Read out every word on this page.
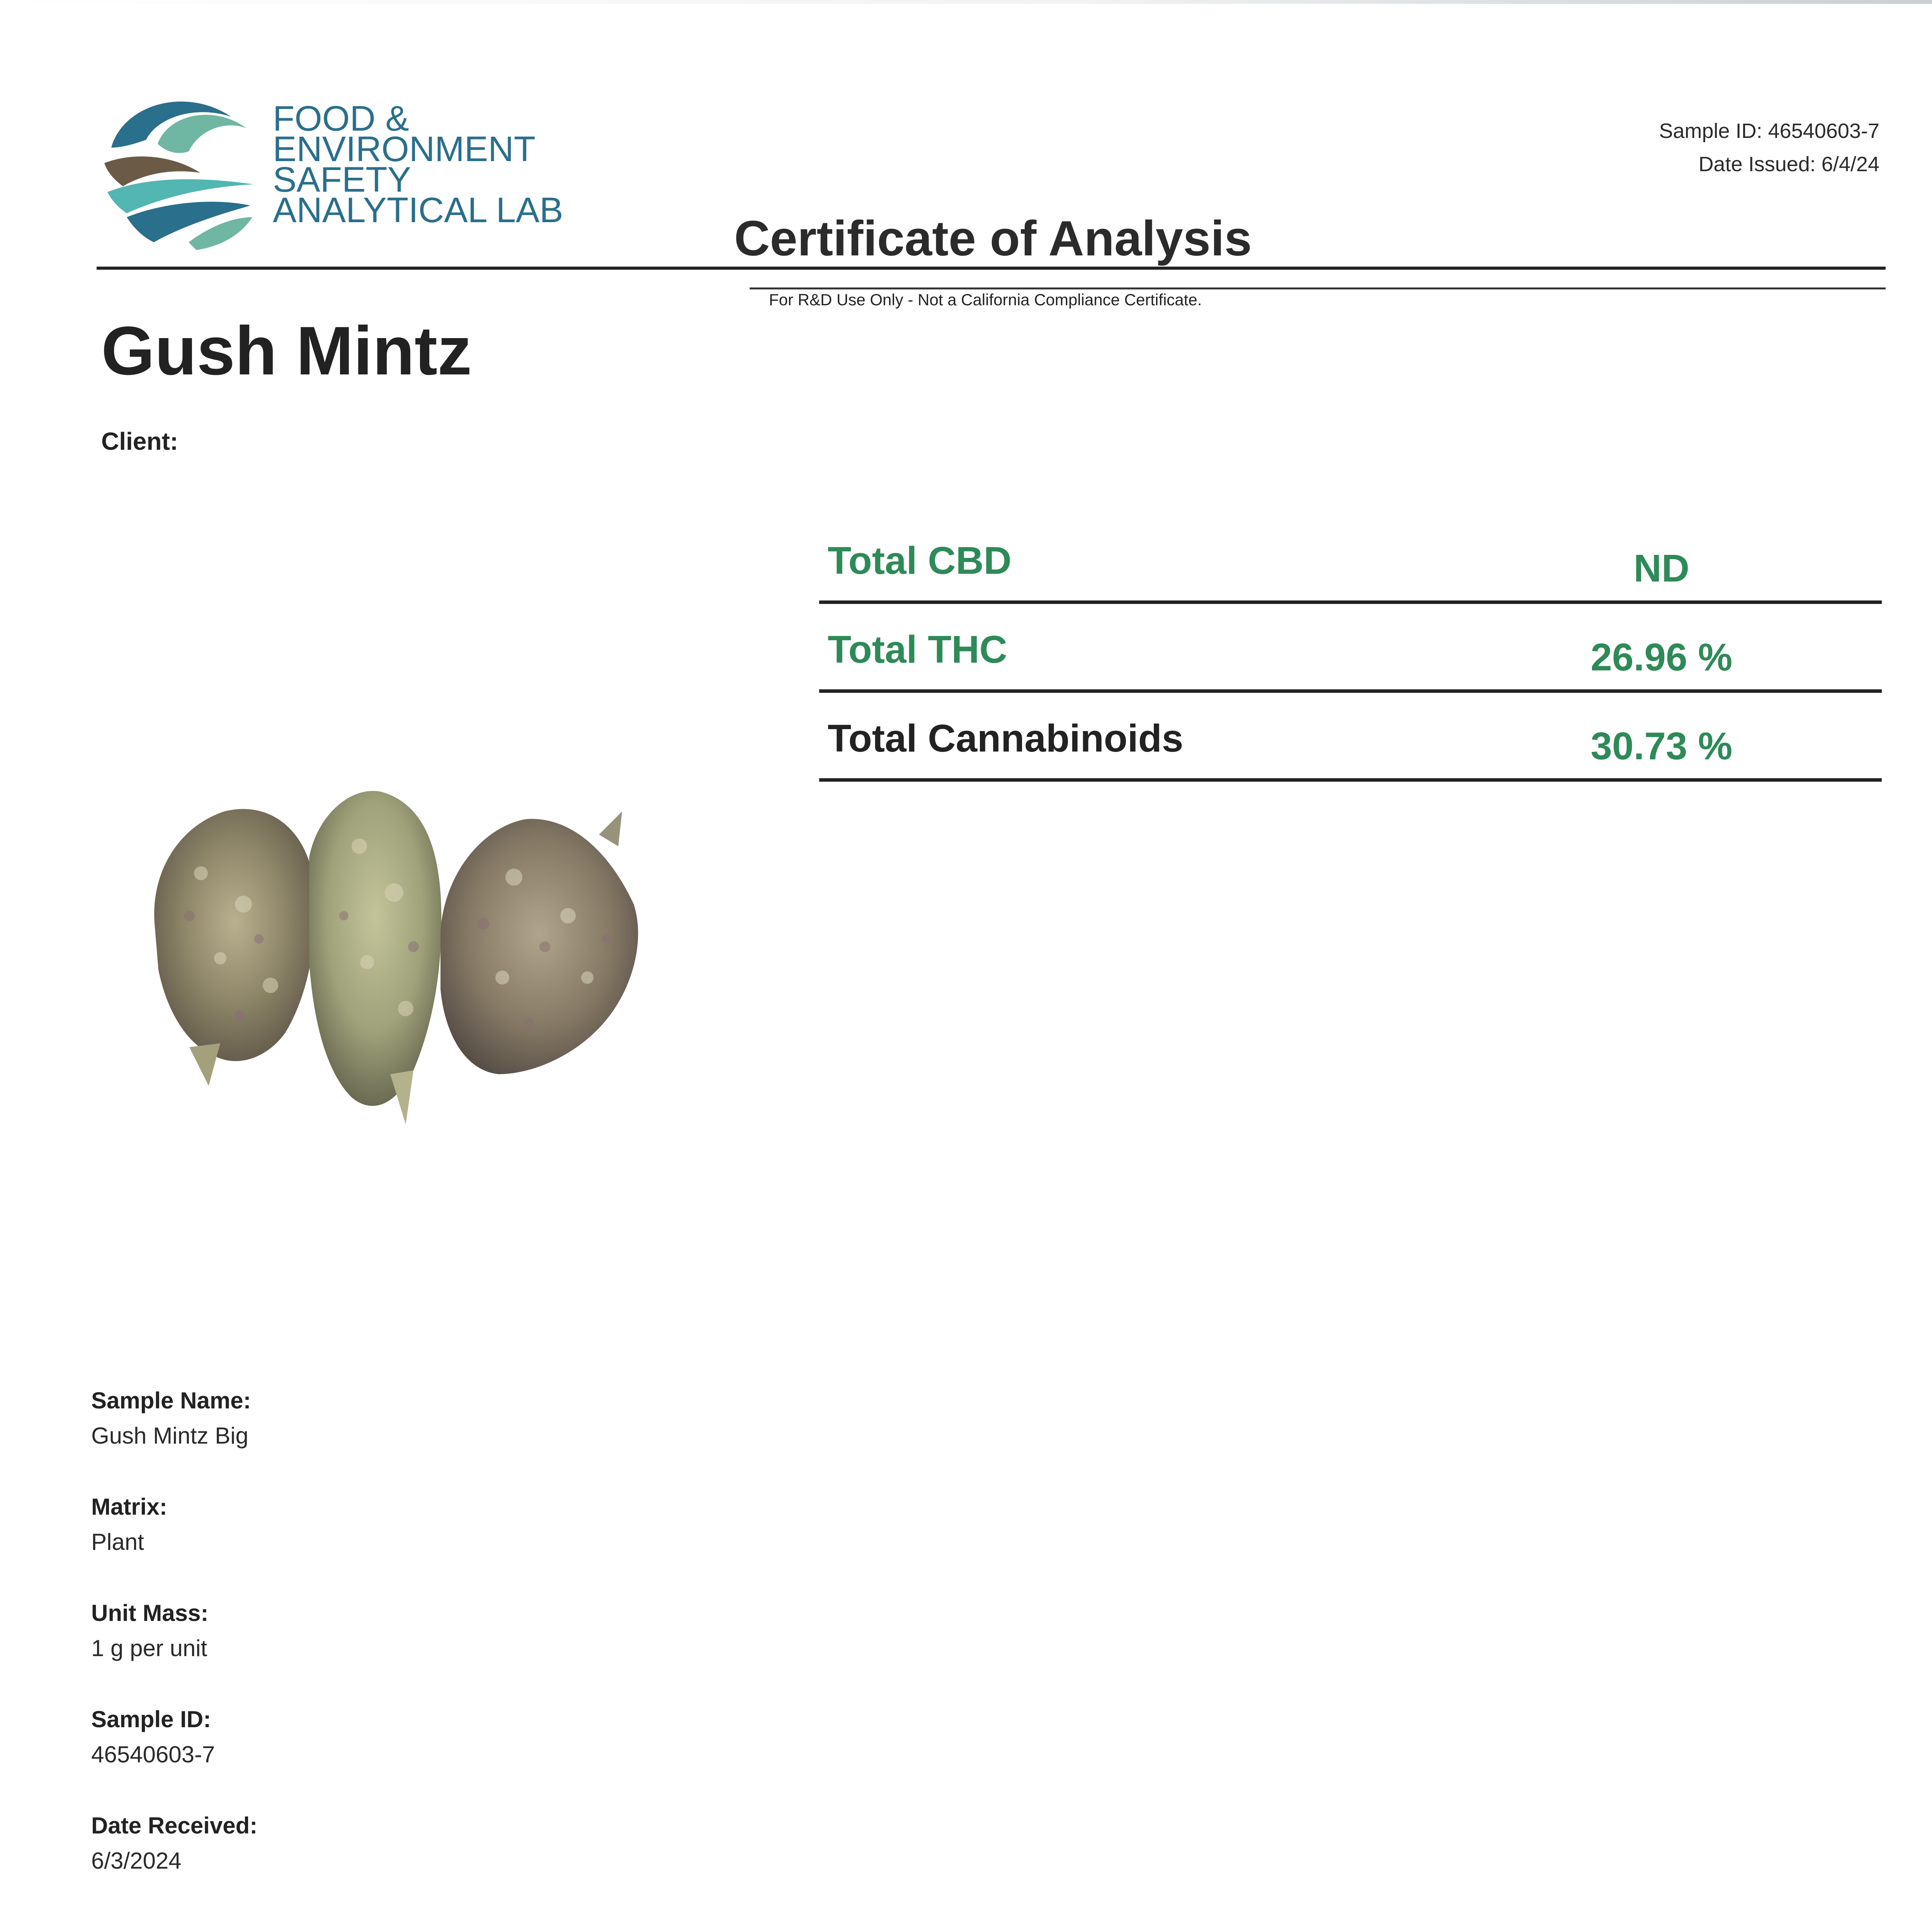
FOOD &
ENVIRONMENT
SAFETY
ANALYTICAL LAB
Sample ID: 46540603-7
Date Issued: 6/4/24
Certificate of Analysis
For R&D Use Only - Not a California Compliance Certificate.
Gush Mintz
Client:
Total CBD	ND
Total THC	26.96 %
Total Cannabinoids	30.73 %
Sample Name:
Gush Mintz Big
Matrix:
Plant
Unit Mass:
1 g per unit
Sample ID:
46540603-7
Date Received:
6/3/2024
